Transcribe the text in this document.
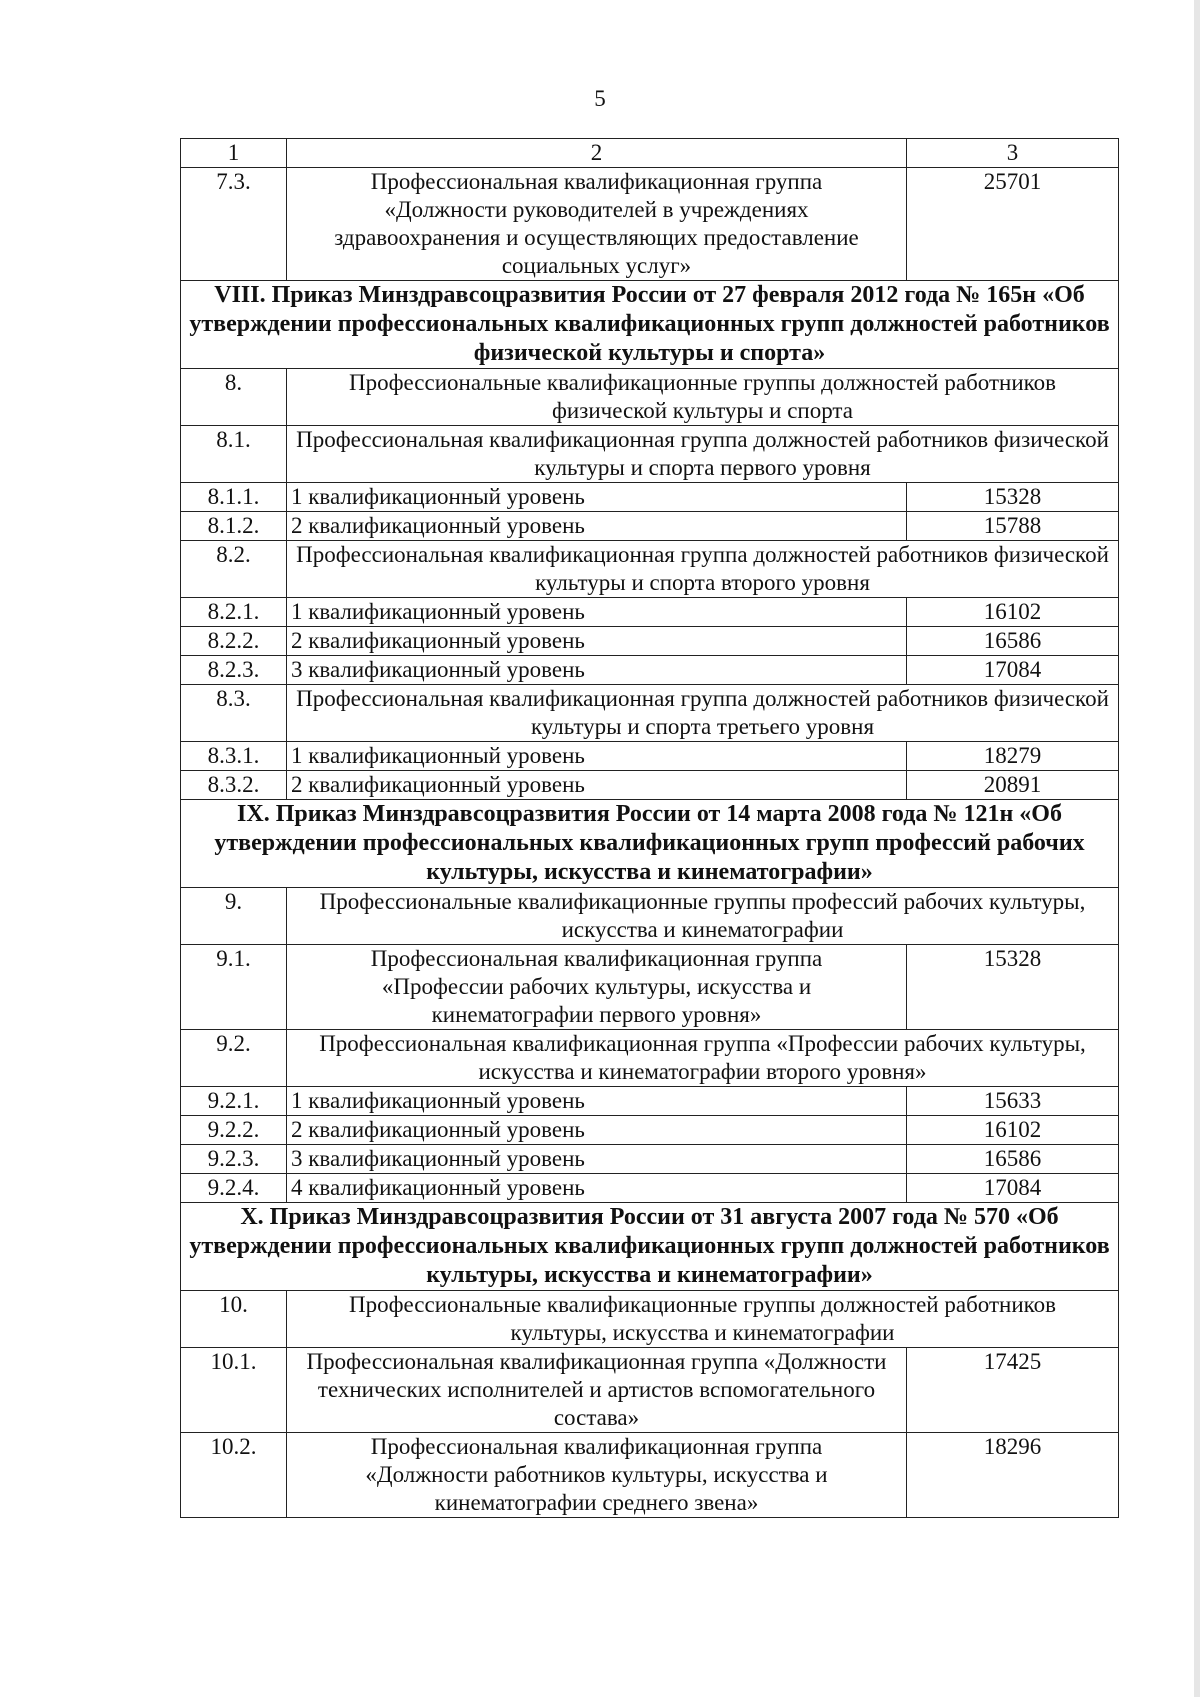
5
1	2	3
7.3.	Профессиональная квалификационная группа «Должности руководителей в учреждениях здравоохранения и осуществляющих предоставление социальных услуг»	25701
VIII. Приказ Минздравсоцразвития России от 27 февраля 2012 года № 165н «Об утверждении профессиональных квалификационных групп должностей работников физической культуры и спорта»		
8.	Профессиональные квалификационные группы должностей работников физической культуры и спорта	
8.1.	Профессиональная квалификационная группа должностей работников физической культуры и спорта первого уровня	
8.1.1.	1 квалификационный уровень	15328
8.1.2.	2 квалификационный уровень	15788
8.2.	Профессиональная квалификационная группа должностей работников физической культуры и спорта второго уровня	
8.2.1.	1 квалификационный уровень	16102
8.2.2.	2 квалификационный уровень	16586
8.2.3.	3 квалификационный уровень	17084
8.3.	Профессиональная квалификационная группа должностей работников физической культуры и спорта третьего уровня	
8.3.1.	1 квалификационный уровень	18279
8.3.2.	2 квалификационный уровень	20891
IX. Приказ Минздравсоцразвития России от 14 марта 2008 года № 121н «Об утверждении профессиональных квалификационных групп профессий рабочих культуры, искусства и кинематографии»		
9.	Профессиональные квалификационные группы профессий рабочих культуры, искусства и кинематографии	
9.1.	Профессиональная квалификационная группа «Профессии рабочих культуры, искусства и кинематографии первого уровня»	15328
9.2.	Профессиональная квалификационная группа «Профессии рабочих культуры, искусства и кинематографии второго уровня»	
9.2.1.	1 квалификационный уровень	15633
9.2.2.	2 квалификационный уровень	16102
9.2.3.	3 квалификационный уровень	16586
9.2.4.	4 квалификационный уровень	17084
X. Приказ Минздравсоцразвития России от 31 августа 2007 года № 570 «Об утверждении профессиональных квалификационных групп должностей работников культуры, искусства и кинематографии»		
10.	Профессиональные квалификационные группы должностей работников культуры, искусства и кинематографии	
10.1.	Профессиональная квалификационная группа «Должности технических исполнителей и артистов вспомогательного состава»	17425
10.2.	Профессиональная квалификационная группа «Должности работников культуры, искусства и кинематографии среднего звена»	18296
